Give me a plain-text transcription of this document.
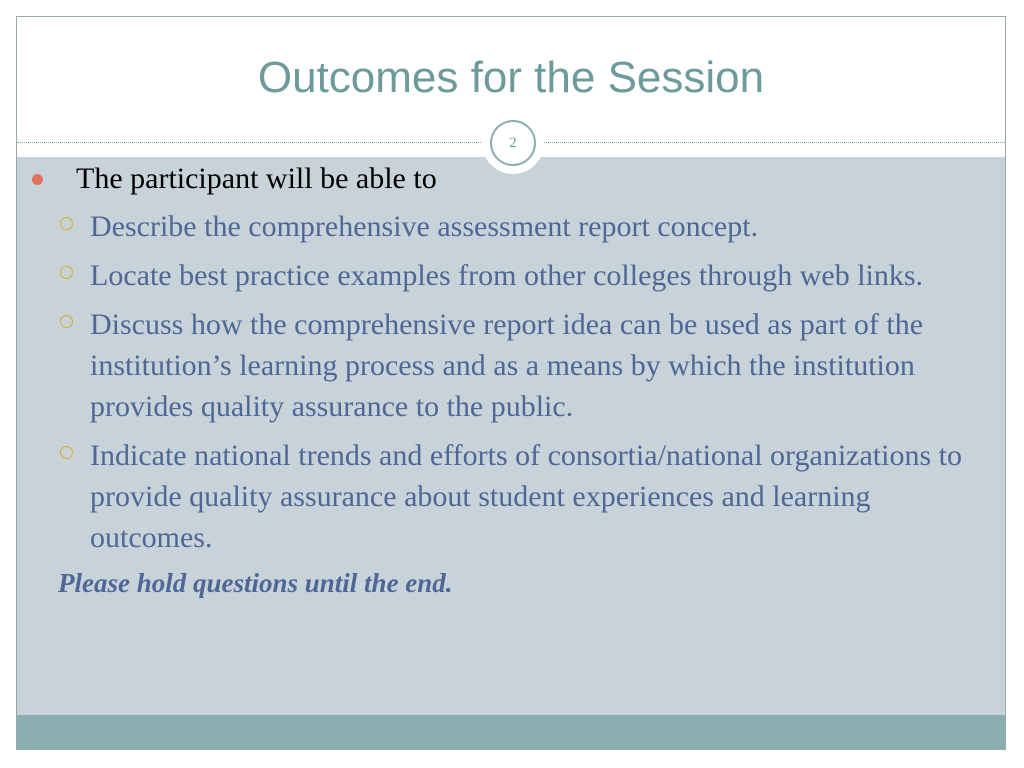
Outcomes for the Session
2
The participant will be able to
Describe the comprehensive assessment report concept.
Locate best practice examples from other colleges through web links.
Discuss how the comprehensive report idea can be used as part of the institution’s learning process and as a means by which the institution provides quality assurance to the public.
Indicate national trends and efforts of consortia/national organizations to provide quality assurance about student experiences and learning outcomes.
Please hold questions until the end.
